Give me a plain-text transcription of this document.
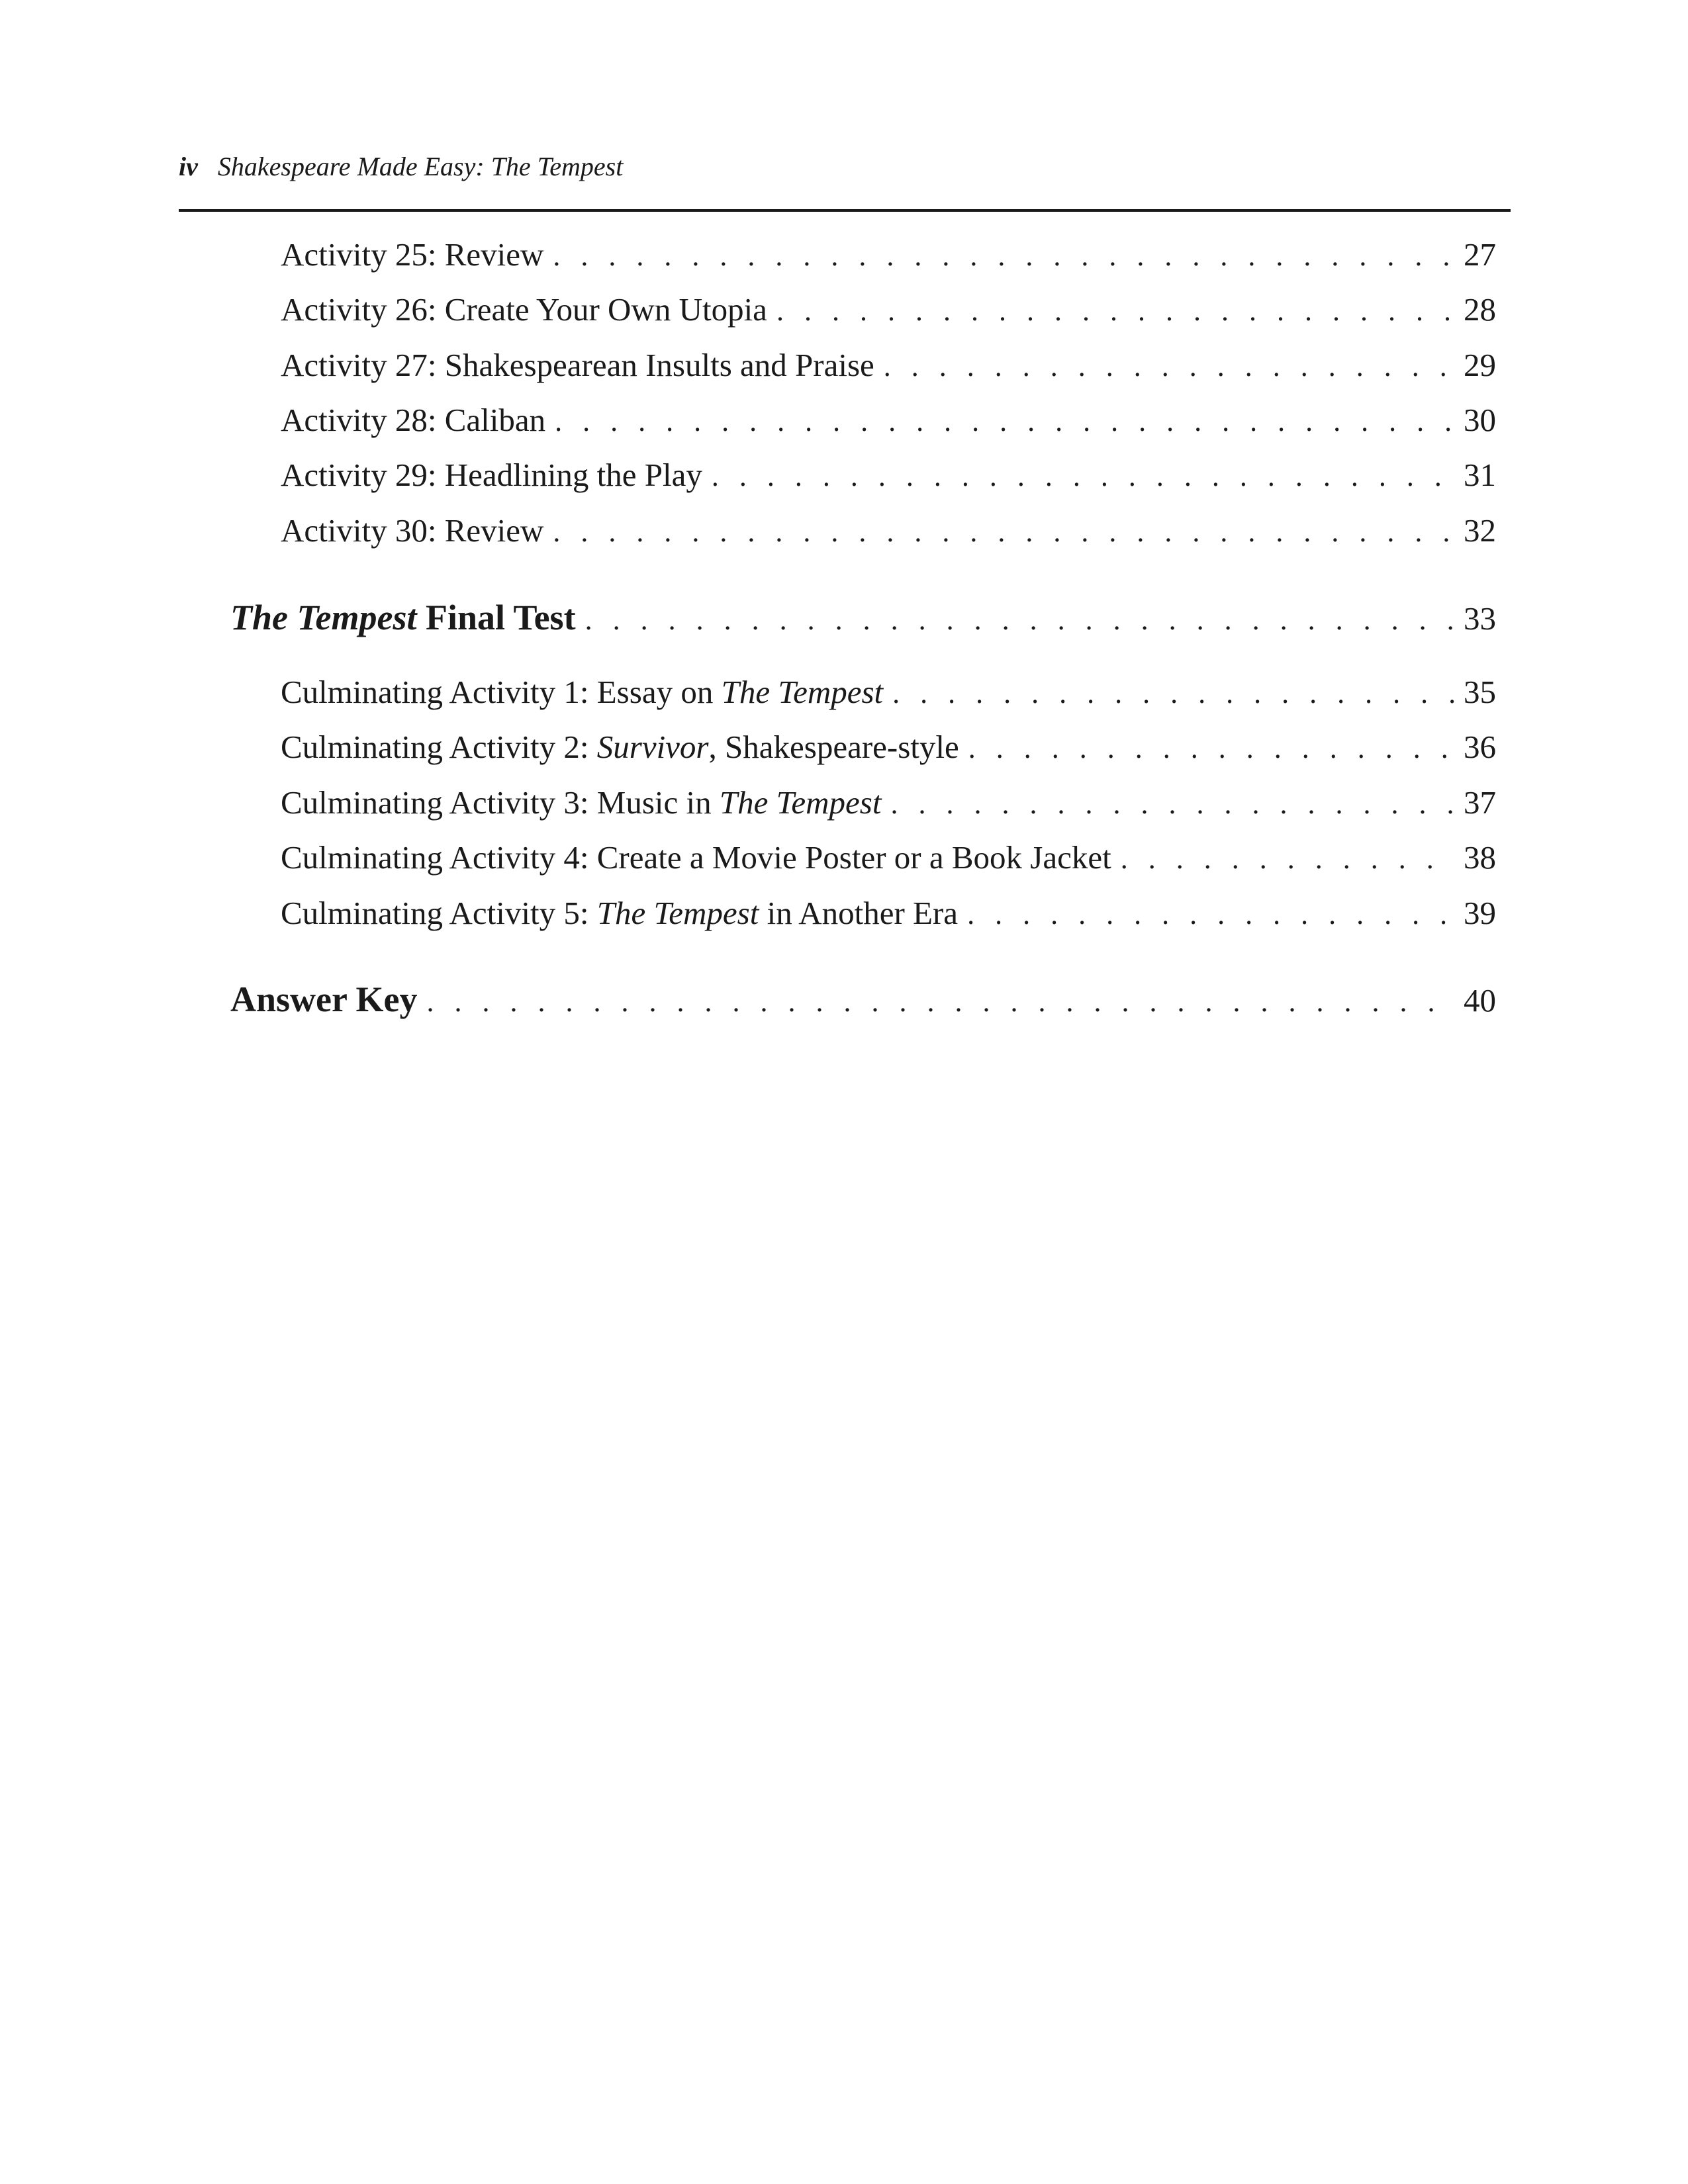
iv Shakespeare Made Easy: The Tempest
Activity 25: Review . . .	27
Activity 26: Create Your Own Utopia . . .	28
Activity 27: Shakespearean Insults and Praise . . .	29
Activity 28: Caliban . . .	30
Activity 29: Headlining the Play . . .	31
Activity 30: Review . . .	32
The Tempest Final Test . . .	33
Culminating Activity 1: Essay on The Tempest . . .	35
Culminating Activity 2: Survivor, Shakespeare-style . . .	36
Culminating Activity 3: Music in The Tempest . . .	37
Culminating Activity 4: Create a Movie Poster or a Book Jacket . . .	38
Culminating Activity 5: The Tempest in Another Era . . .	39
Answer Key . . .	40
